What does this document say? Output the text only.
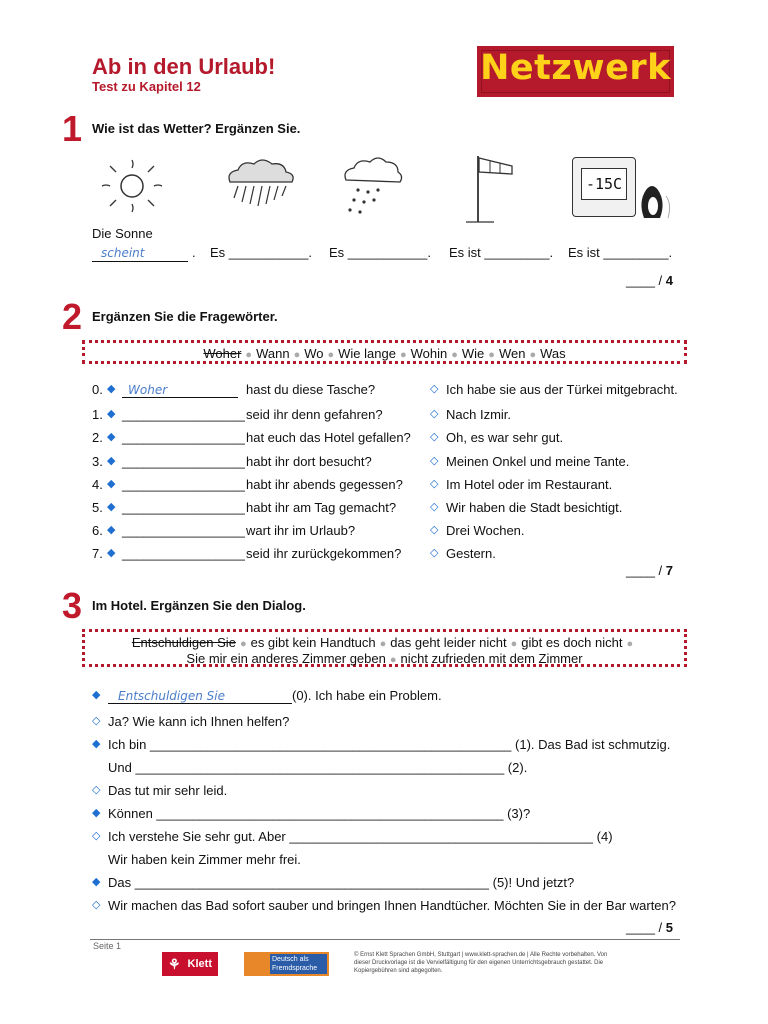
Ab in den Urlaub!
Test zu Kapitel 12	Netzwerk
1 Wie ist das Wetter? Ergänzen Sie.
-15C
Die Sonne
scheint	. Es ___________. Es ___________. Es ist _________. Es ist _________.
____ / 4
2 Ergänzen Sie die Fragewörter.
Woher ● Wann ● Wo ● Wie lange ● Wohin ● Wie ● Wen ● Was
0. ◆	Woher	hast du diese Tasche?	◇ Ich habe sie aus der Türkei mitgebracht.
1. ◆ _________________ seid ihr denn gefahren?	◇ Nach Izmir.
2. ◆ _________________ hat euch das Hotel gefallen? ◇ Oh, es war sehr gut.
3. ◆ _________________ habt ihr dort besucht?	◇ Meinen Onkel und meine Tante.
4. ◆ _________________ habt ihr abends gegessen? ◇ Im Hotel oder im Restaurant.
5. ◆ _________________ habt ihr am Tag gemacht?	◇ Wir haben die Stadt besichtigt.
6. ◆ _________________ wart ihr im Urlaub?	◇ Drei Wochen.
7. ◆ _________________ seid ihr zurückgekommen?	◇ Gestern.
____ / 7
3 Im Hotel. Ergänzen Sie den Dialog.
Entschuldigen Sie ● es gibt kein Handtuch ● das geht leider nicht ● gibt es doch nicht ●
Sie mir ein anderes Zimmer geben ● nicht zufrieden mit dem Zimmer
◆	Entschuldigen Sie	(0). Ich habe ein Problem.
◇ Ja? Wie kann ich Ihnen helfen?
◆ Ich bin __________________________________________________ (1). Das Bad ist schmutzig.
Und ___________________________________________________ (2).
◇ Das tut mir sehr leid.
◆ Können ________________________________________________ (3)?
◇ Ich verstehe Sie sehr gut. Aber __________________________________________ (4)
Wir haben kein Zimmer mehr frei.
◆ Das _________________________________________________ (5)! Und jetzt?
◇ Wir machen das Bad sofort sauber und bringen Ihnen Handtücher. Möchten Sie in der Bar warten?
____ / 5
Seite 1
⚘ Klett	Deutsch als Fremdsprache
© Ernst Klett Sprachen GmbH, Stuttgart | www.klett-sprachen.de | Alle Rechte vorbehalten. Von dieser Druckvorlage ist die Vervielfältigung für den eigenen Unterrichtsgebrauch gestattet. Die Kopiergebühren sind abgegolten.
